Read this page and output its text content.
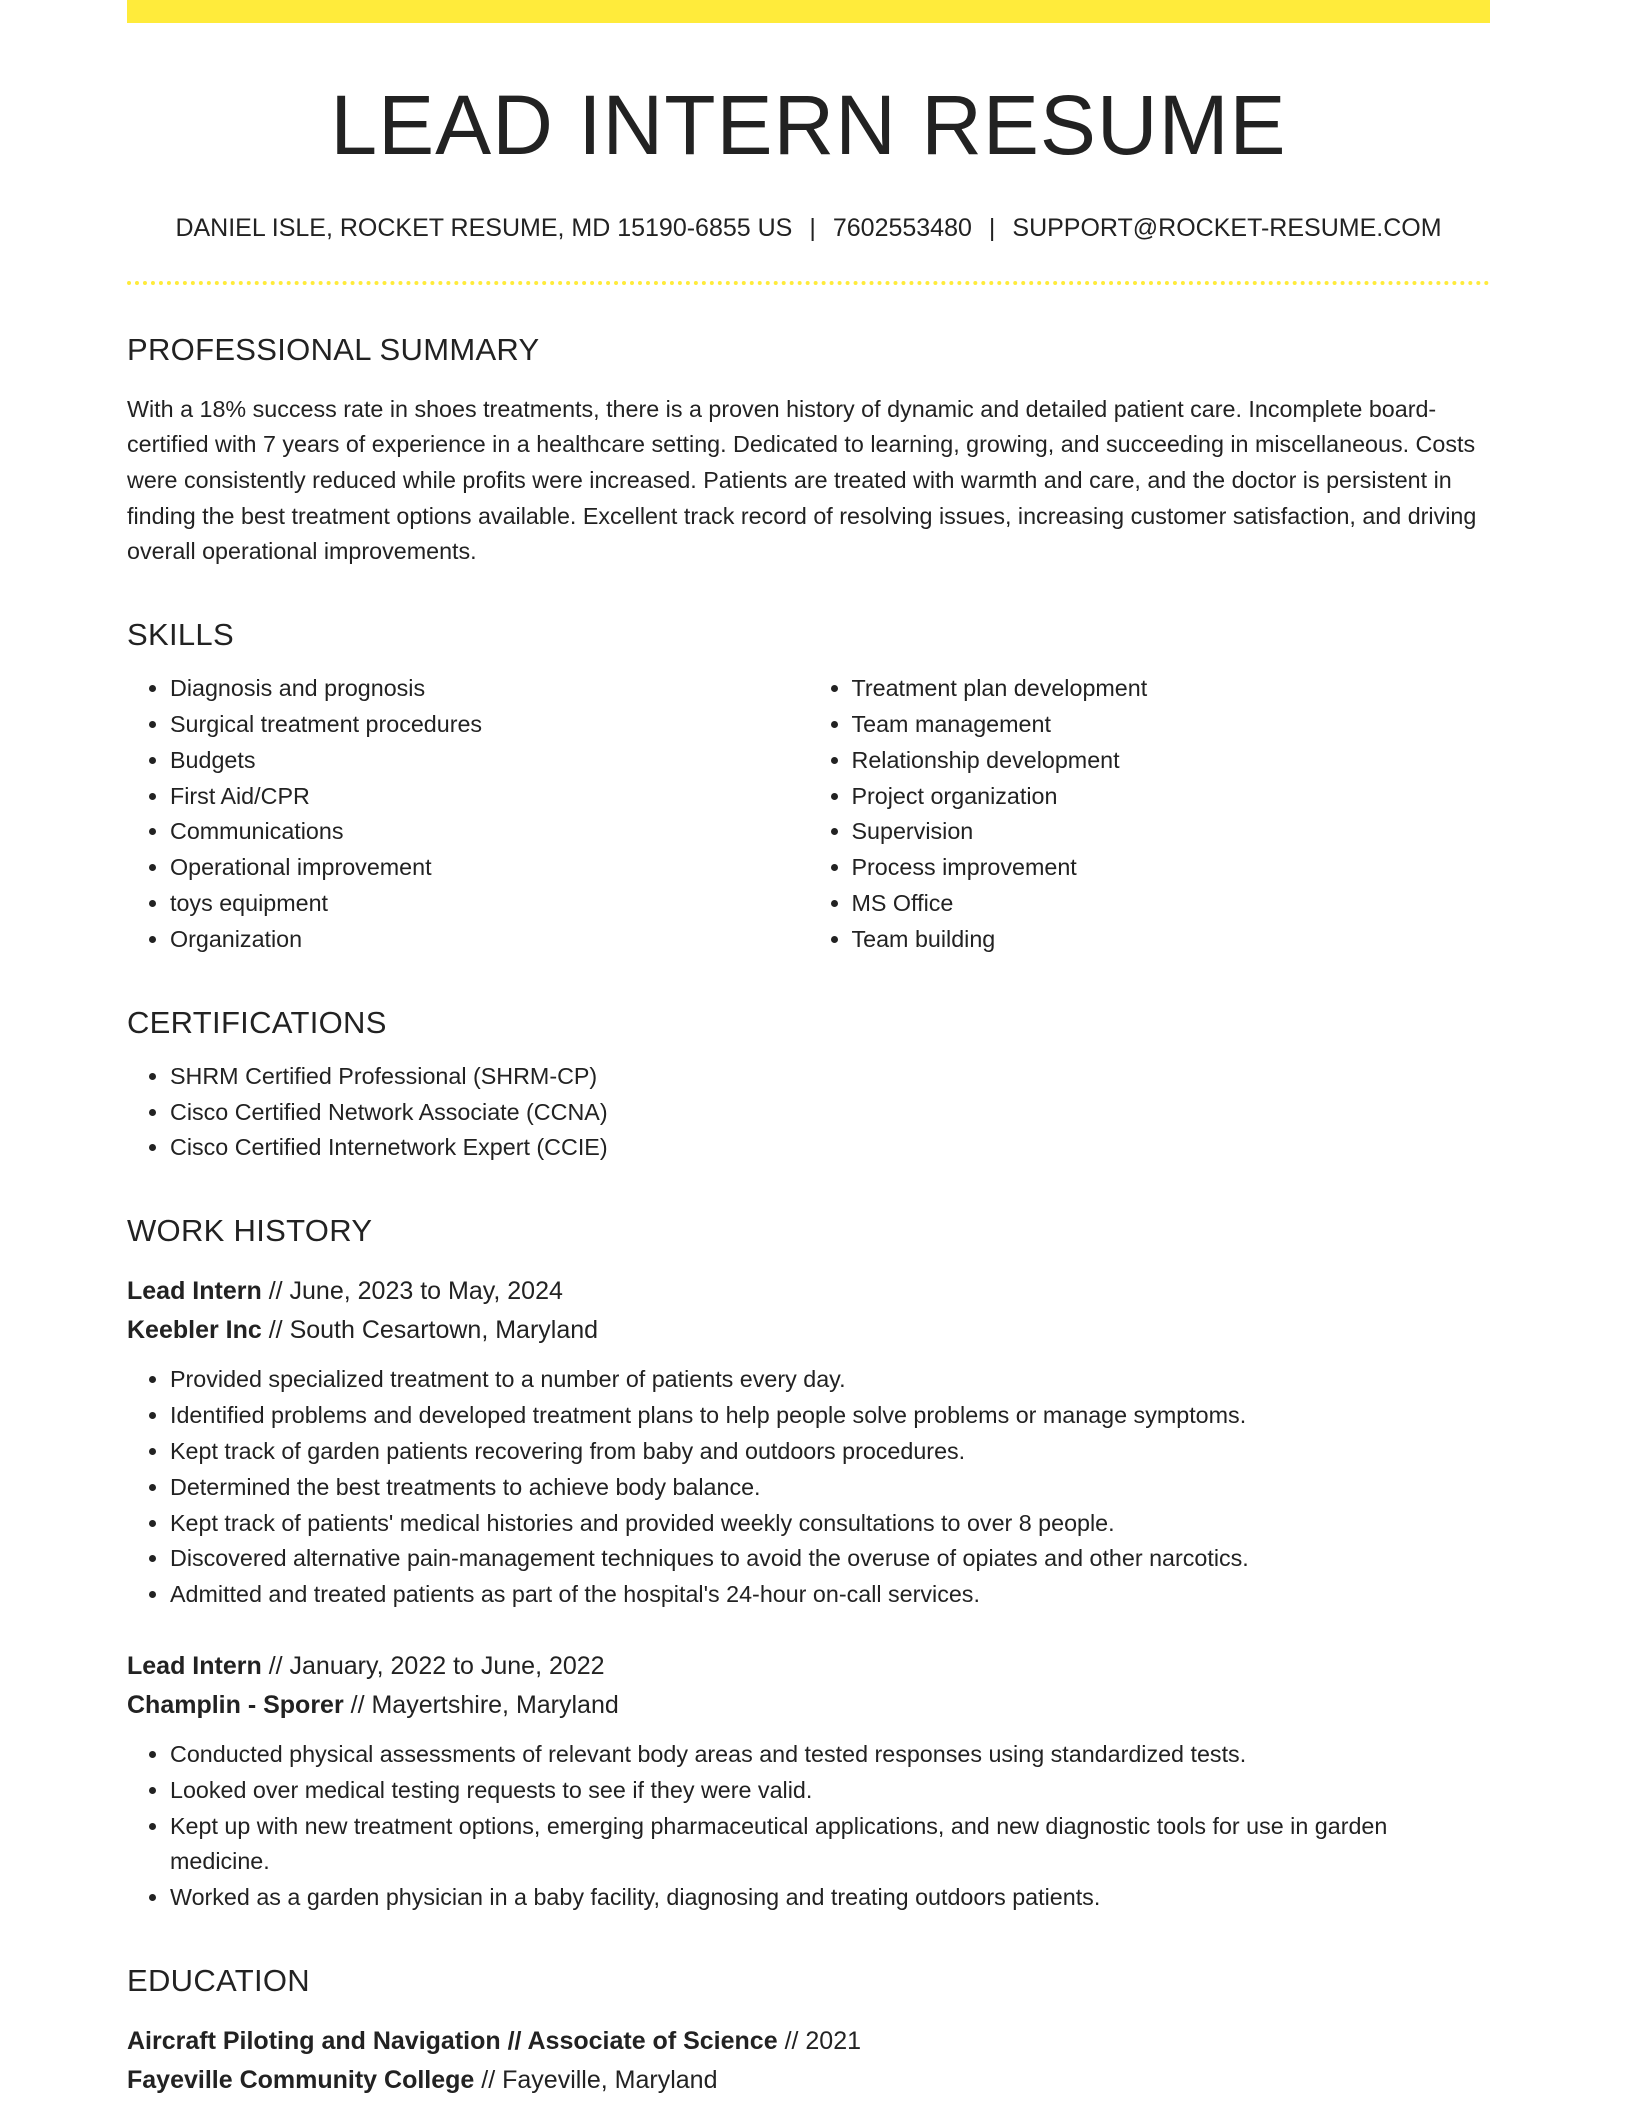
LEAD INTERN RESUME
DANIEL ISLE, ROCKET RESUME, MD 15190-6855 US | 7602553480 | SUPPORT@ROCKET-RESUME.COM
PROFESSIONAL SUMMARY
With a 18% success rate in shoes treatments, there is a proven history of dynamic and detailed patient care. Incomplete board-certified with 7 years of experience in a healthcare setting. Dedicated to learning, growing, and succeeding in miscellaneous. Costs were consistently reduced while profits were increased. Patients are treated with warmth and care, and the doctor is persistent in finding the best treatment options available. Excellent track record of resolving issues, increasing customer satisfaction, and driving overall operational improvements.
SKILLS
• Diagnosis and prognosis
• Surgical treatment procedures
• Budgets
• First Aid/CPR
• Communications
• Operational improvement
• toys equipment
• Organization
• Treatment plan development
• Team management
• Relationship development
• Project organization
• Supervision
• Process improvement
• MS Office
• Team building
CERTIFICATIONS
• SHRM Certified Professional (SHRM-CP)
• Cisco Certified Network Associate (CCNA)
• Cisco Certified Internetwork Expert (CCIE)
WORK HISTORY
Lead Intern // June, 2023 to May, 2024
Keebler Inc // South Cesartown, Maryland
• Provided specialized treatment to a number of patients every day.
• Identified problems and developed treatment plans to help people solve problems or manage symptoms.
• Kept track of garden patients recovering from baby and outdoors procedures.
• Determined the best treatments to achieve body balance.
• Kept track of patients' medical histories and provided weekly consultations to over 8 people.
• Discovered alternative pain-management techniques to avoid the overuse of opiates and other narcotics.
• Admitted and treated patients as part of the hospital's 24-hour on-call services.
Lead Intern // January, 2022 to June, 2022
Champlin - Sporer // Mayertshire, Maryland
• Conducted physical assessments of relevant body areas and tested responses using standardized tests.
• Looked over medical testing requests to see if they were valid.
• Kept up with new treatment options, emerging pharmaceutical applications, and new diagnostic tools for use in garden medicine.
• Worked as a garden physician in a baby facility, diagnosing and treating outdoors patients.
EDUCATION
Aircraft Piloting and Navigation // Associate of Science // 2021
Fayeville Community College // Fayeville, Maryland
